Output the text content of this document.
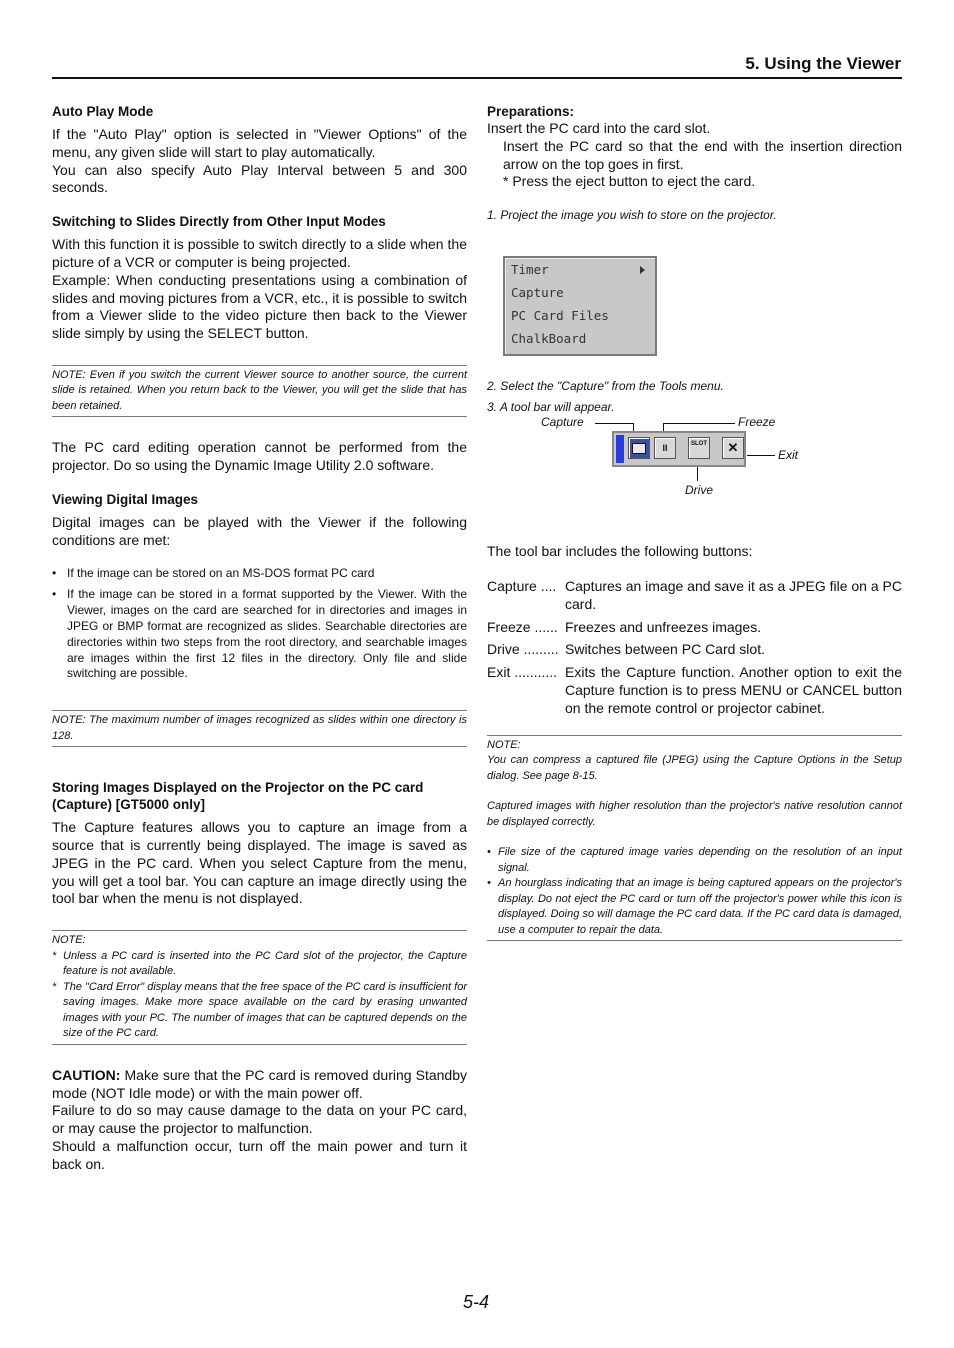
5. Using the Viewer
Auto Play Mode

If the "Auto Play" option is selected in "Viewer Options" of the menu, any given slide will start to play automatically.

You can also specify Auto Play Interval between 5 and 300 seconds.

Switching to Slides Directly from Other Input Modes

With this function it is possible to switch directly to a slide when the picture of a VCR or computer is being projected.

Example: When conducting presentations using a combination of slides and moving pictures from a VCR, etc., it is possible to switch from a Viewer slide to the video picture then back to the Viewer slide simply by using the SELECT button.

NOTE: Even if you switch the current Viewer source to another source, the current slide is retained. When you return back to the Viewer, you will get the slide that has been retained.

The PC card editing operation cannot be performed from the projector. Do so using the Dynamic Image Utility 2.0 software.

Viewing Digital Images

Digital images can be played with the Viewer if the following conditions are met:

• If the image can be stored on an MS-DOS format PC card
• If the image can be stored in a format supported by the Viewer. With the Viewer, images on the card are searched for in directories and images in JPEG or BMP format are recognized as slides. Searchable directories are directories within two steps from the root directory, and searchable images are images within the first 12 files in the directory. Only file and slide switching are possible.

NOTE: The maximum number of images recognized as slides within one directory is 128.

Storing Images Displayed on the Projector on the PC card (Capture) [GT5000 only]

The Capture features allows you to capture an image from a source that is currently being displayed. The image is saved as JPEG in the PC card. When you select Capture from the menu, you will get a tool bar. You can capture an image directly using the tool bar when the menu is not displayed.

NOTE:

* Unless a PC card is inserted into the PC Card slot of the projector, the Capture feature is not available.
* The "Card Error" display means that the free space of the PC card is insufficient for saving images. Make more space available on the card by erasing unwanted images with your PC. The number of images that can be captured depends on the size of the PC card.

CAUTION: Make sure that the PC card is removed during Standby mode (NOT Idle mode) or with the main power off.

Failure to do so may cause damage to the data on your PC card, or may cause the projector to malfunction.

Should a malfunction occur, turn off the main power and turn it back on.

Preparations:

Insert the PC card into the card slot.

Insert the PC card so that the end with the insertion direction arrow on the top goes in first.

* Press the eject button to eject the card.

1. Project the image you wish to store on the projector.
Timer
Capture
PC Card Files
ChalkBoard
2. Select the "Capture" from the Tools menu.
3. A tool bar will appear.
Capture	Freeze
Exit
Drive
II	SLOT	✕

The tool bar includes the following buttons:

Capture ....	Captures an image and save it as a JPEG file on a PC card.
Freeze ......	Freezes and unfreezes images.
Drive .........	Switches between PC Card slot.
Exit ...........	Exits the Capture function. Another option to exit the Capture function is to press MENU or CANCEL button on the remote control or projector cabinet.

NOTE:

You can compress a captured file (JPEG) using the Capture Options in the Setup dialog. See page 8-15.

Captured images with higher resolution than the projector's native resolution cannot be displayed correctly.

• File size of the captured image varies depending on the resolution of an input signal.
• An hourglass indicating that an image is being captured appears on the projector's display. Do not eject the PC card or turn off the projector's power while this icon is displayed. Doing so will damage the PC card data. If the PC card data is damaged, use a computer to repair the data.
5-4
